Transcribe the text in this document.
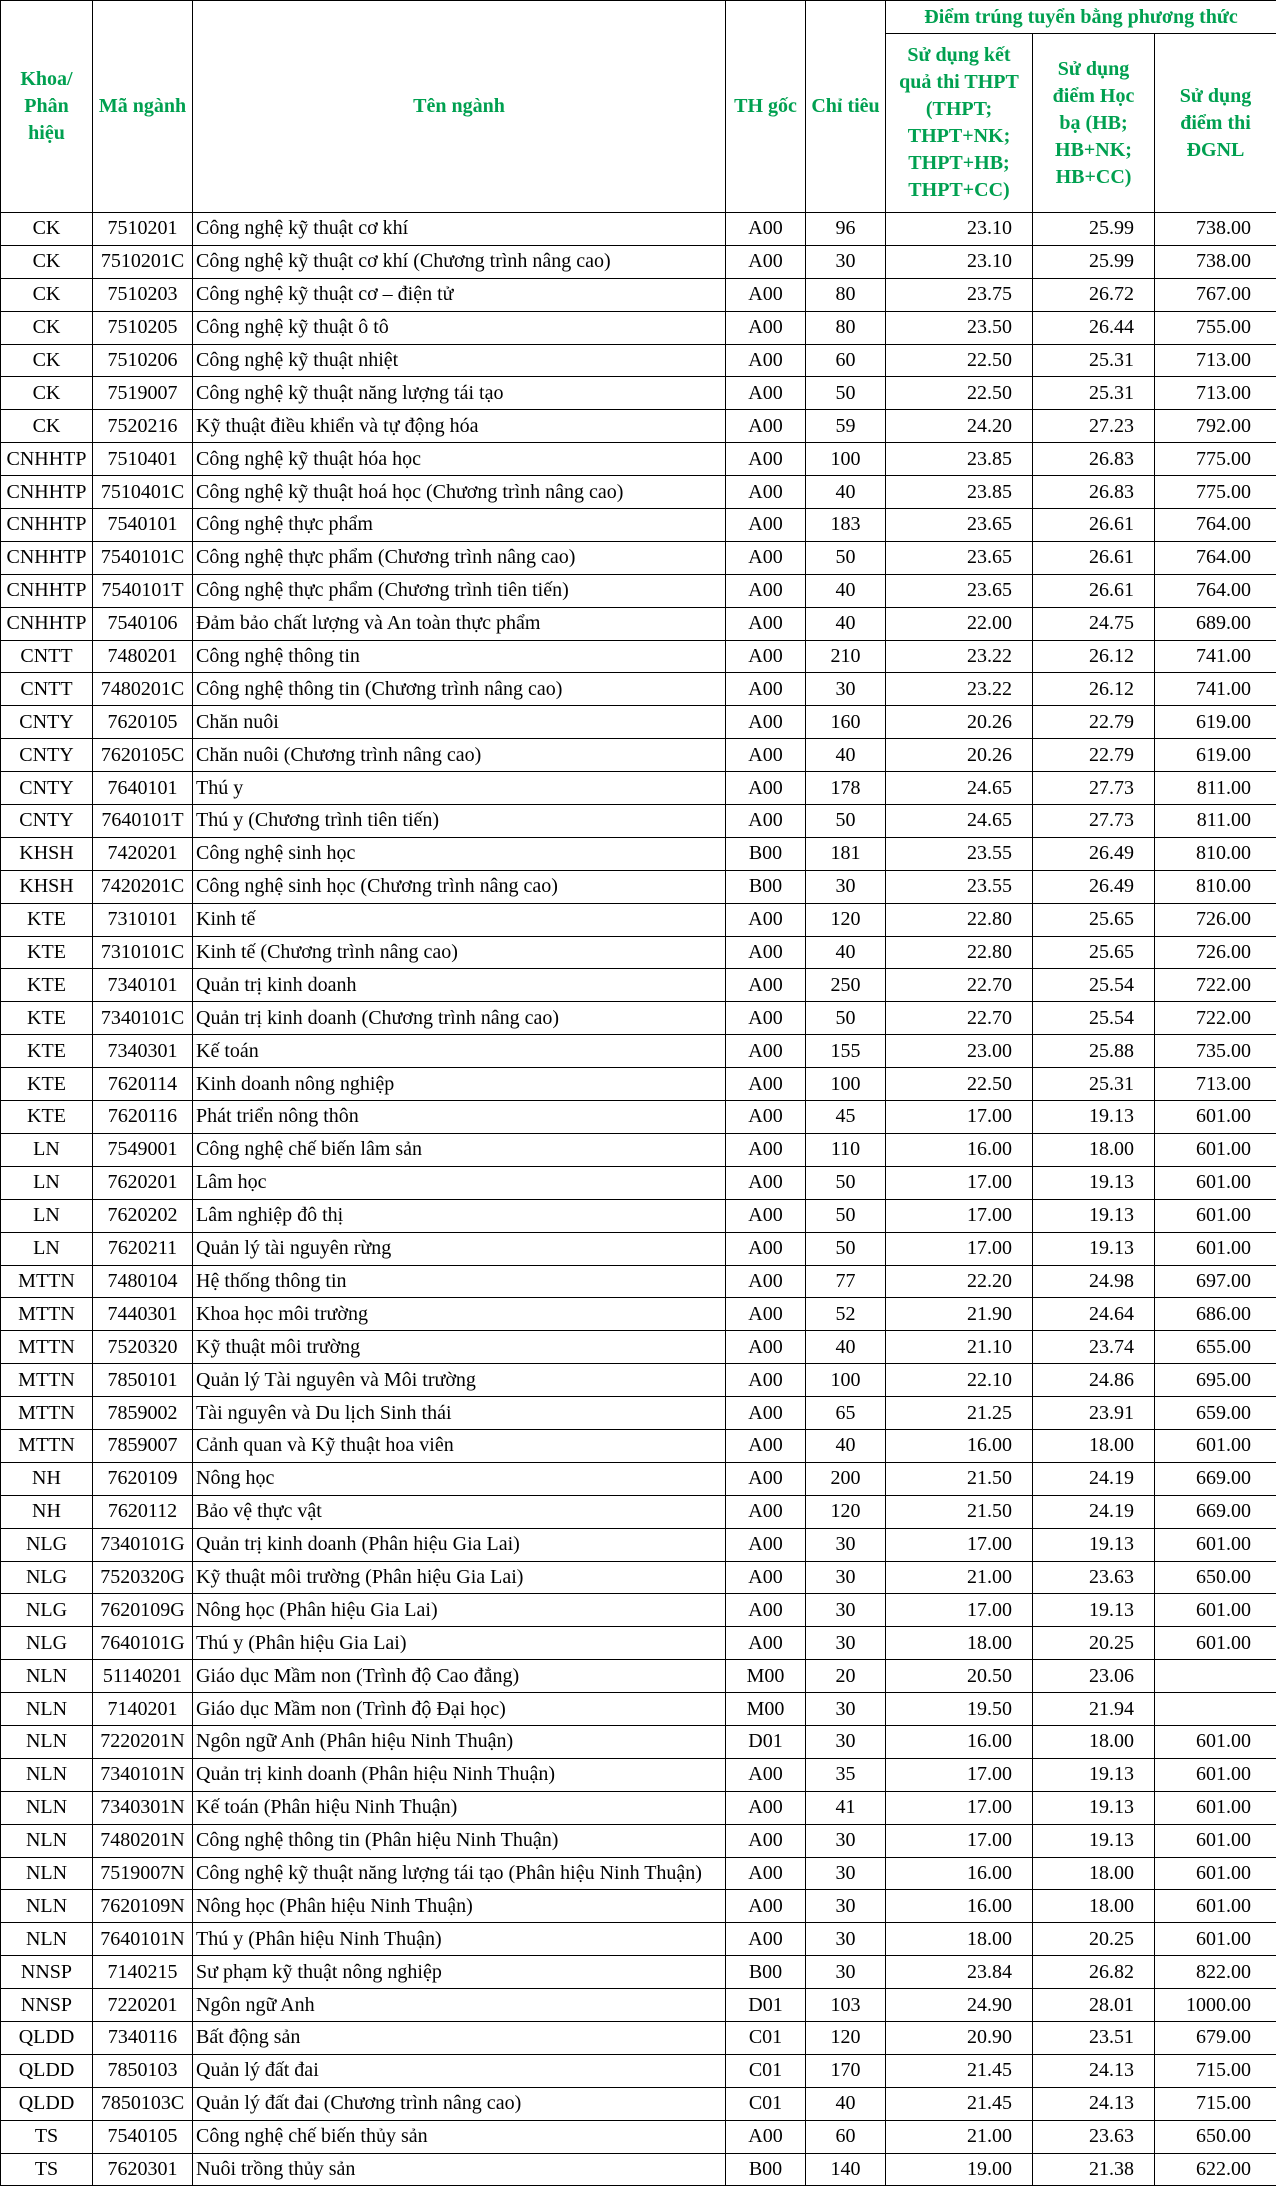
Khoa/ Phân hiệu	Mã ngành	Tên ngành	TH gốc	Chỉ tiêu	Điểm trúng tuyển bằng phương thức		
					Sử dụng kết quả thi THPT (THPT; THPT+NK; THPT+HB; THPT+CC)	Sử dụng điểm Học bạ (HB; HB+NK; HB+CC)	Sử dụng điểm thi ĐGNL
CK	7510201	Công nghệ kỹ thuật cơ khí	A00	96	23.10	25.99	738.00
CK	7510201C	Công nghệ kỹ thuật cơ khí (Chương trình nâng cao)	A00	30	23.10	25.99	738.00
CK	7510203	Công nghệ kỹ thuật cơ – điện tử	A00	80	23.75	26.72	767.00
CK	7510205	Công nghệ kỹ thuật ô tô	A00	80	23.50	26.44	755.00
CK	7510206	Công nghệ kỹ thuật nhiệt	A00	60	22.50	25.31	713.00
CK	7519007	Công nghệ kỹ thuật năng lượng tái tạo	A00	50	22.50	25.31	713.00
CK	7520216	Kỹ thuật điều khiển và tự động hóa	A00	59	24.20	27.23	792.00
CNHHTP	7510401	Công nghệ kỹ thuật hóa học	A00	100	23.85	26.83	775.00
CNHHTP	7510401C	Công nghệ kỹ thuật hoá học (Chương trình nâng cao)	A00	40	23.85	26.83	775.00
CNHHTP	7540101	Công nghệ thực phẩm	A00	183	23.65	26.61	764.00
CNHHTP	7540101C	Công nghệ thực phẩm (Chương trình nâng cao)	A00	50	23.65	26.61	764.00
CNHHTP	7540101T	Công nghệ thực phẩm (Chương trình tiên tiến)	A00	40	23.65	26.61	764.00
CNHHTP	7540106	Đảm bảo chất lượng và An toàn thực phẩm	A00	40	22.00	24.75	689.00
CNTT	7480201	Công nghệ thông tin	A00	210	23.22	26.12	741.00
CNTT	7480201C	Công nghệ thông tin (Chương trình nâng cao)	A00	30	23.22	26.12	741.00
CNTY	7620105	Chăn nuôi	A00	160	20.26	22.79	619.00
CNTY	7620105C	Chăn nuôi (Chương trình nâng cao)	A00	40	20.26	22.79	619.00
CNTY	7640101	Thú y	A00	178	24.65	27.73	811.00
CNTY	7640101T	Thú y (Chương trình tiên tiến)	A00	50	24.65	27.73	811.00
KHSH	7420201	Công nghệ sinh học	B00	181	23.55	26.49	810.00
KHSH	7420201C	Công nghệ sinh học (Chương trình nâng cao)	B00	30	23.55	26.49	810.00
KTE	7310101	Kinh tế	A00	120	22.80	25.65	726.00
KTE	7310101C	Kinh tế (Chương trình nâng cao)	A00	40	22.80	25.65	726.00
KTE	7340101	Quản trị kinh doanh	A00	250	22.70	25.54	722.00
KTE	7340101C	Quản trị kinh doanh (Chương trình nâng cao)	A00	50	22.70	25.54	722.00
KTE	7340301	Kế toán	A00	155	23.00	25.88	735.00
KTE	7620114	Kinh doanh nông nghiệp	A00	100	22.50	25.31	713.00
KTE	7620116	Phát triển nông thôn	A00	45	17.00	19.13	601.00
LN	7549001	Công nghệ chế biến lâm sản	A00	110	16.00	18.00	601.00
LN	7620201	Lâm học	A00	50	17.00	19.13	601.00
LN	7620202	Lâm nghiệp đô thị	A00	50	17.00	19.13	601.00
LN	7620211	Quản lý tài nguyên rừng	A00	50	17.00	19.13	601.00
MTTN	7480104	Hệ thống thông tin	A00	77	22.20	24.98	697.00
MTTN	7440301	Khoa học môi trường	A00	52	21.90	24.64	686.00
MTTN	7520320	Kỹ thuật môi trường	A00	40	21.10	23.74	655.00
MTTN	7850101	Quản lý Tài nguyên và Môi trường	A00	100	22.10	24.86	695.00
MTTN	7859002	Tài nguyên và Du lịch Sinh thái	A00	65	21.25	23.91	659.00
MTTN	7859007	Cảnh quan và Kỹ thuật hoa viên	A00	40	16.00	18.00	601.00
NH	7620109	Nông học	A00	200	21.50	24.19	669.00
NH	7620112	Bảo vệ thực vật	A00	120	21.50	24.19	669.00
NLG	7340101G	Quản trị kinh doanh (Phân hiệu Gia Lai)	A00	30	17.00	19.13	601.00
NLG	7520320G	Kỹ thuật môi trường (Phân hiệu Gia Lai)	A00	30	21.00	23.63	650.00
NLG	7620109G	Nông học (Phân hiệu Gia Lai)	A00	30	17.00	19.13	601.00
NLG	7640101G	Thú y (Phân hiệu Gia Lai)	A00	30	18.00	20.25	601.00
NLN	51140201	Giáo dục Mầm non (Trình độ Cao đẳng)	M00	20	20.50	23.06	
NLN	7140201	Giáo dục Mầm non (Trình độ Đại học)	M00	30	19.50	21.94	
NLN	7220201N	Ngôn ngữ Anh (Phân hiệu Ninh Thuận)	D01	30	16.00	18.00	601.00
NLN	7340101N	Quản trị kinh doanh (Phân hiệu Ninh Thuận)	A00	35	17.00	19.13	601.00
NLN	7340301N	Kế toán (Phân hiệu Ninh Thuận)	A00	41	17.00	19.13	601.00
NLN	7480201N	Công nghệ thông tin (Phân hiệu Ninh Thuận)	A00	30	17.00	19.13	601.00
NLN	7519007N	Công nghệ kỹ thuật năng lượng tái tạo (Phân hiệu Ninh Thuận)	A00	30	16.00	18.00	601.00
NLN	7620109N	Nông học (Phân hiệu Ninh Thuận)	A00	30	16.00	18.00	601.00
NLN	7640101N	Thú y (Phân hiệu Ninh Thuận)	A00	30	18.00	20.25	601.00
NNSP	7140215	Sư phạm kỹ thuật nông nghiệp	B00	30	23.84	26.82	822.00
NNSP	7220201	Ngôn ngữ Anh	D01	103	24.90	28.01	1000.00
QLDD	7340116	Bất động sản	C01	120	20.90	23.51	679.00
QLDD	7850103	Quản lý đất đai	C01	170	21.45	24.13	715.00
QLDD	7850103C	Quản lý đất đai (Chương trình nâng cao)	C01	40	21.45	24.13	715.00
TS	7540105	Công nghệ chế biến thủy sản	A00	60	21.00	23.63	650.00
TS	7620301	Nuôi trồng thủy sản	B00	140	19.00	21.38	622.00
